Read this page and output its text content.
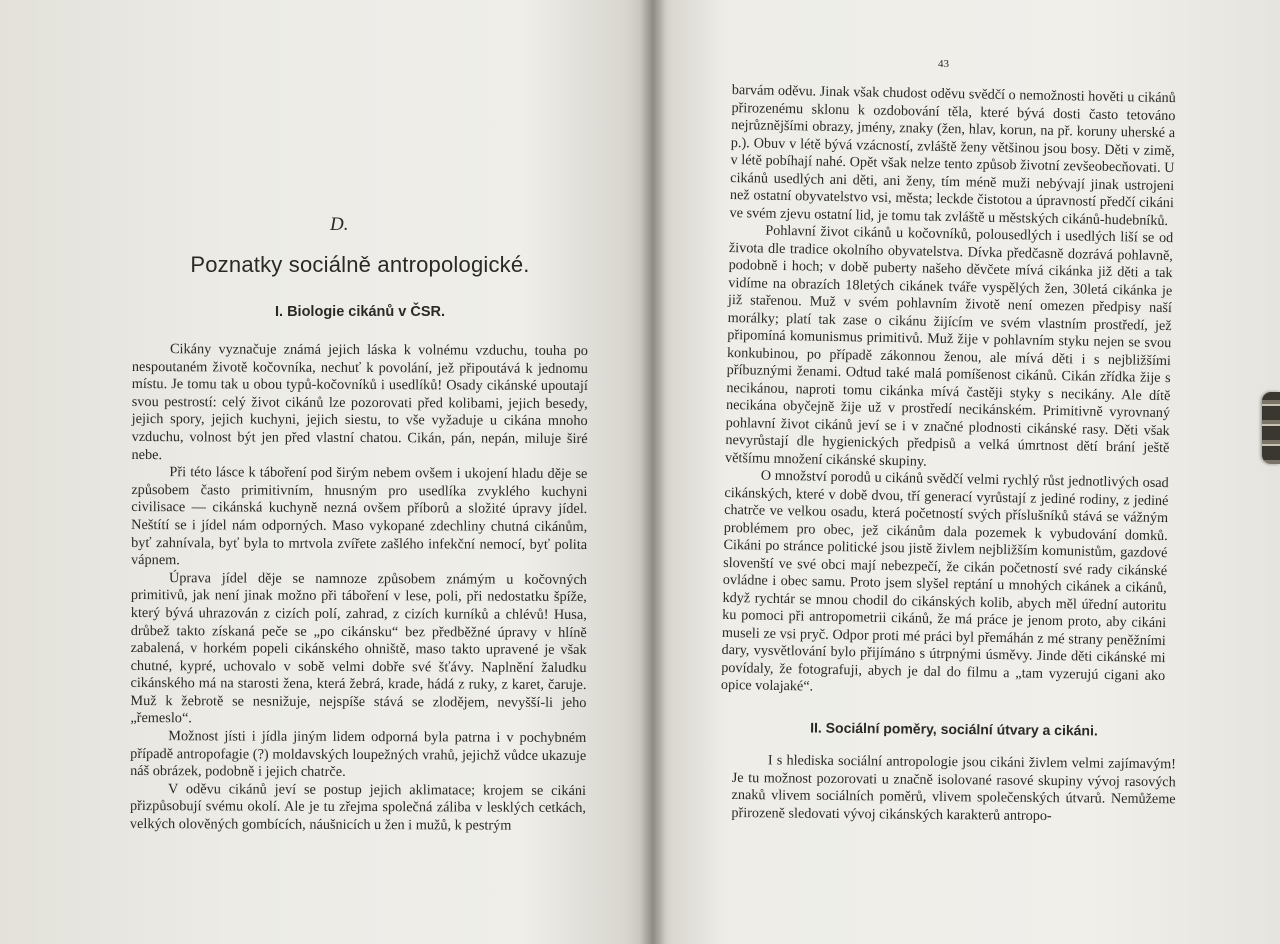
D.

Poznatky sociálně antropologické.
I. Biologie cikánů v ČSR.

Cikány vyznačuje známá jejich láska k volnému vzduchu, touha po nespoutaném životě kočovníka, nechuť k povolání, jež připoutává k jednomu místu. Je tomu tak u obou typů-kočovníků i usedlíků! Osady cikánské upoutají svou pestrostí: celý život cikánů lze pozorovati před kolibami, jejich besedy, jejich spory, jejich kuchyni, jejich siestu, to vše vyžaduje u cikána mnoho vzduchu, volnost být jen před vlastní chatou. Cikán, pán, nepán, miluje širé nebe.

Při této lásce k táboření pod širým nebem ovšem i ukojení hladu děje se způsobem často primitivním, hnusným pro usedlíka zvyklého kuchyni civilisace — cikánská kuchyně nezná ovšem příborů a složité úpravy jídel. Neštítí se i jídel nám odporných. Maso vykopané zdechliny chutná cikánům, byť zahnívala, byť byla to mrtvola zvířete zašlého infekční nemocí, byť polita vápnem.

Úprava jídel děje se namnoze způsobem známým u kočovných primitivů, jak není jinak možno při táboření v lese, poli, při nedostatku špíže, který bývá uhrazován z cizích polí, zahrad, z cizích kurníků a chlévů! Husa, drůbež takto získaná peče se „po cikánsku“ bez předběžné úpravy v hlíně zabalená, v horkém popeli cikánského ohniště, maso takto upravené je však chutné, kypré, uchovalo v sobě velmi dobře své šťávy. Naplnění žaludku cikánského má na starosti žena, která žebrá, krade, hádá z ruky, z karet, čaruje. Muž k žebrotě se nesnižuje, nejspíše stává se zlodějem, nevyšší-li jeho „řemeslo“.

Možnost jísti i jídla jiným lidem odporná byla patrna i v pochybném případě antropofagie (?) moldavských loupežných vrahů, jejichž vůdce ukazuje náš obrázek, podobně i jejich chatrče.

V oděvu cikánů jeví se postup jejich aklimatace; krojem se cikáni přizpůsobují svému okolí. Ale je tu zřejma společná záliba v lesklých cetkách, velkých olověných gombících, náušnicích u žen i mužů, k pestrým

43

barvám oděvu. Jinak však chudost oděvu svědčí o nemožnosti hověti u cikánů přirozenému sklonu k ozdobování těla, které bývá dosti často tetováno nejrůznějšími obrazy, jmény, znaky (žen, hlav, korun, na př. koruny uherské a p.). Obuv v létě bývá vzácností, zvláště ženy většinou jsou bosy. Děti v zimě, v létě pobíhají nahé. Opět však nelze tento způsob životní zevšeobecňovati. U cikánů usedlých ani děti, ani ženy, tím méně muži nebývají jinak ustrojeni než ostatní obyvatelstvo vsi, města; leckde čistotou a úpravností předčí cikáni ve svém zjevu ostatní lid, je tomu tak zvláště u městských cikánů-hudebníků.

Pohlavní život cikánů u kočovníků, polousedlých i usedlých liší se od života dle tradice okolního obyvatelstva. Dívka předčasně dozrává pohlavně, podobně i hoch; v době puberty našeho děvčete mívá cikánka již děti a tak vidíme na obrazích 18letých cikánek tváře vyspělých žen, 30letá cikánka je již stařenou. Muž v svém pohlavním životě není omezen předpisy naší morálky; platí tak zase o cikánu žijícím ve svém vlastním prostředí, jež připomíná komunismus primitivů. Muž žije v pohlavním styku nejen se svou konkubinou, po případě zákonnou ženou, ale mívá děti i s nejbližšími příbuznými ženami. Odtud také malá pomíšenost cikánů. Cikán zřídka žije s necikánou, naproti tomu cikánka mívá častěji styky s necikány. Ale dítě necikána obyčejně žije už v prostředí necikánském. Primitivně vyrovnaný pohlavní život cikánů jeví se i v značné plodnosti cikánské rasy. Děti však nevyrůstají dle hygienických předpisů a velká úmrtnost dětí brání ještě většímu množení cikánské skupiny.

O množství porodů u cikánů svědčí velmi rychlý růst jednotlivých osad cikánských, které v době dvou, tří generací vyrůstají z jediné rodiny, z jediné chatrče ve velkou osadu, která početností svých příslušníků stává se vážným problémem pro obec, jež cikánům dala pozemek k vybudování domků. Cikáni po stránce politické jsou jistě živlem nejbližším komunistům, gazdové slovenští ve své obci mají nebezpečí, že cikán početností své rady cikánské ovládne i obec samu. Proto jsem slyšel reptání u mnohých cikánek a cikánů, když rychtár se mnou chodil do cikánských kolib, abych měl úřední autoritu ku pomoci při antropometrii cikánů, že má práce je jenom proto, aby cikáni museli ze vsi pryč. Odpor proti mé práci byl přemáhán z mé strany peněžními dary, vysvětlování bylo přijímáno s útrpnými úsměvy. Jinde děti cikánské mi povídaly, že fotografuji, abych je dal do filmu a „tam vyzerujú cigani ako opice volajaké“.

II. Sociální poměry, sociální útvary a cikáni.

I s hlediska sociální antropologie jsou cikáni živlem velmi zajímavým! Je tu možnost pozorovati u značně isolované rasové skupiny vývoj rasových znaků vlivem sociálních poměrů, vlivem společenských útvarů. Nemůžeme přirozeně sledovati vývoj cikánských karakterů antropo-
